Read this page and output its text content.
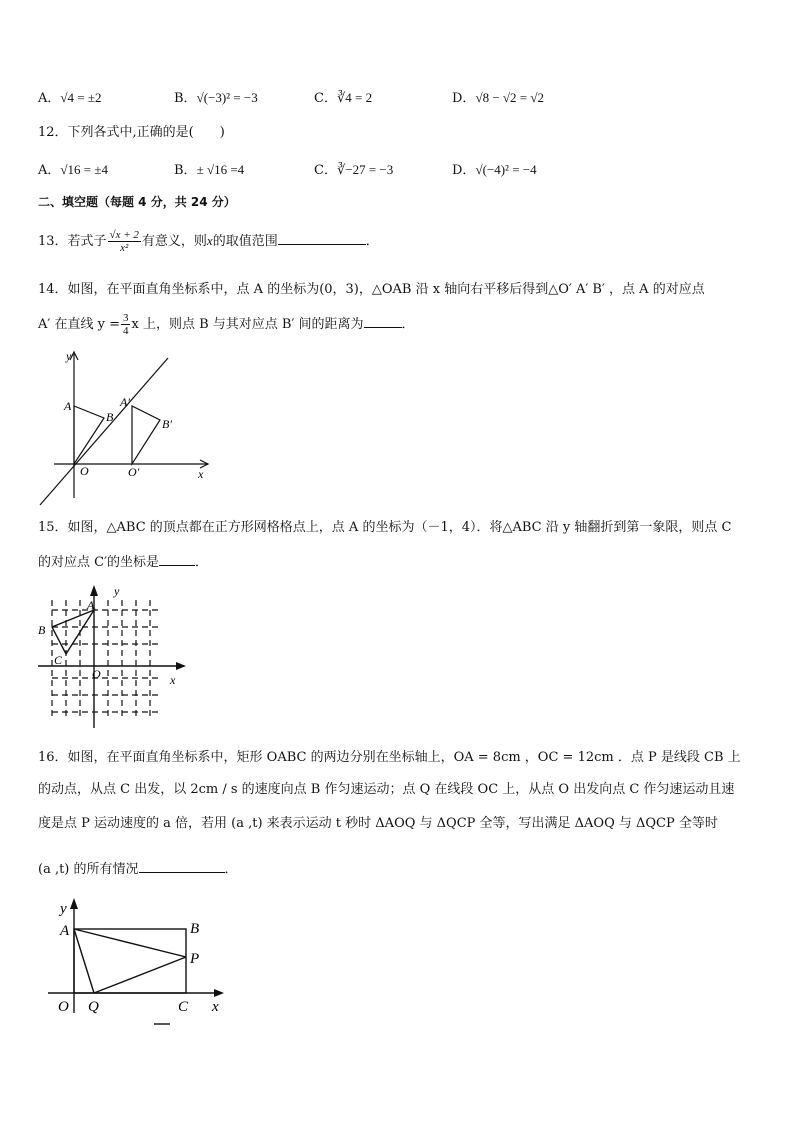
A．√4 = ±2	B．√(−3)² = −3	C．∛4 = 2	D．√8 − √2 = √2
12．下列各式中,正确的是(　　)
A．√16 = ±4	B．± √16 =4	C．∛−27 = −3	D．√(−4)² = −4
二、填空题（每题 4 分，共 24 分）
13．若式子 $\frac{√x + 2}{\text{x²}}$ 有意义，则x的取值范围	．
14．如图，在平面直角坐标系中，点 A 的坐标为(0，3)，△OAB 沿 x 轴向右平移后得到△O′ A′ B′ ，点 A 的对应点
A′ 在直线 $y = \frac{3}{4}$ x 上，则点 B 与其对应点 B′ 间的距离为	．
y
x
A
B
A′
B′
O	O′
15．如图，△ABC 的顶点都在正方形网格格点上，点 A 的坐标为（－1，4）．将△ABC 沿 y 轴翻折到第一象限，则点 C
的对应点 C′的坐标是	．
A
B
C
O
y
x
16．如图，在平面直角坐标系中，矩形 OABC 的两边分别在坐标轴上，OA = 8cm ，OC = 12cm ．点 P 是线段 CB 上
的动点，从点 C 出发，以 2cm / s 的速度向点 B 作匀速运动；点 Q 在线段 OC 上，从点 O 出发向点 C 作匀速运动且速
度是点 P 运动速度的 a 倍，若用 (a ,t) 来表示运动 t 秒时 ΔAOQ 与 ΔQCP 全等，写出满足 ΔAOQ 与 ΔQCP 全等时
(a ,t) 的所有情况	．
y
A	B
P
O Q	C x
